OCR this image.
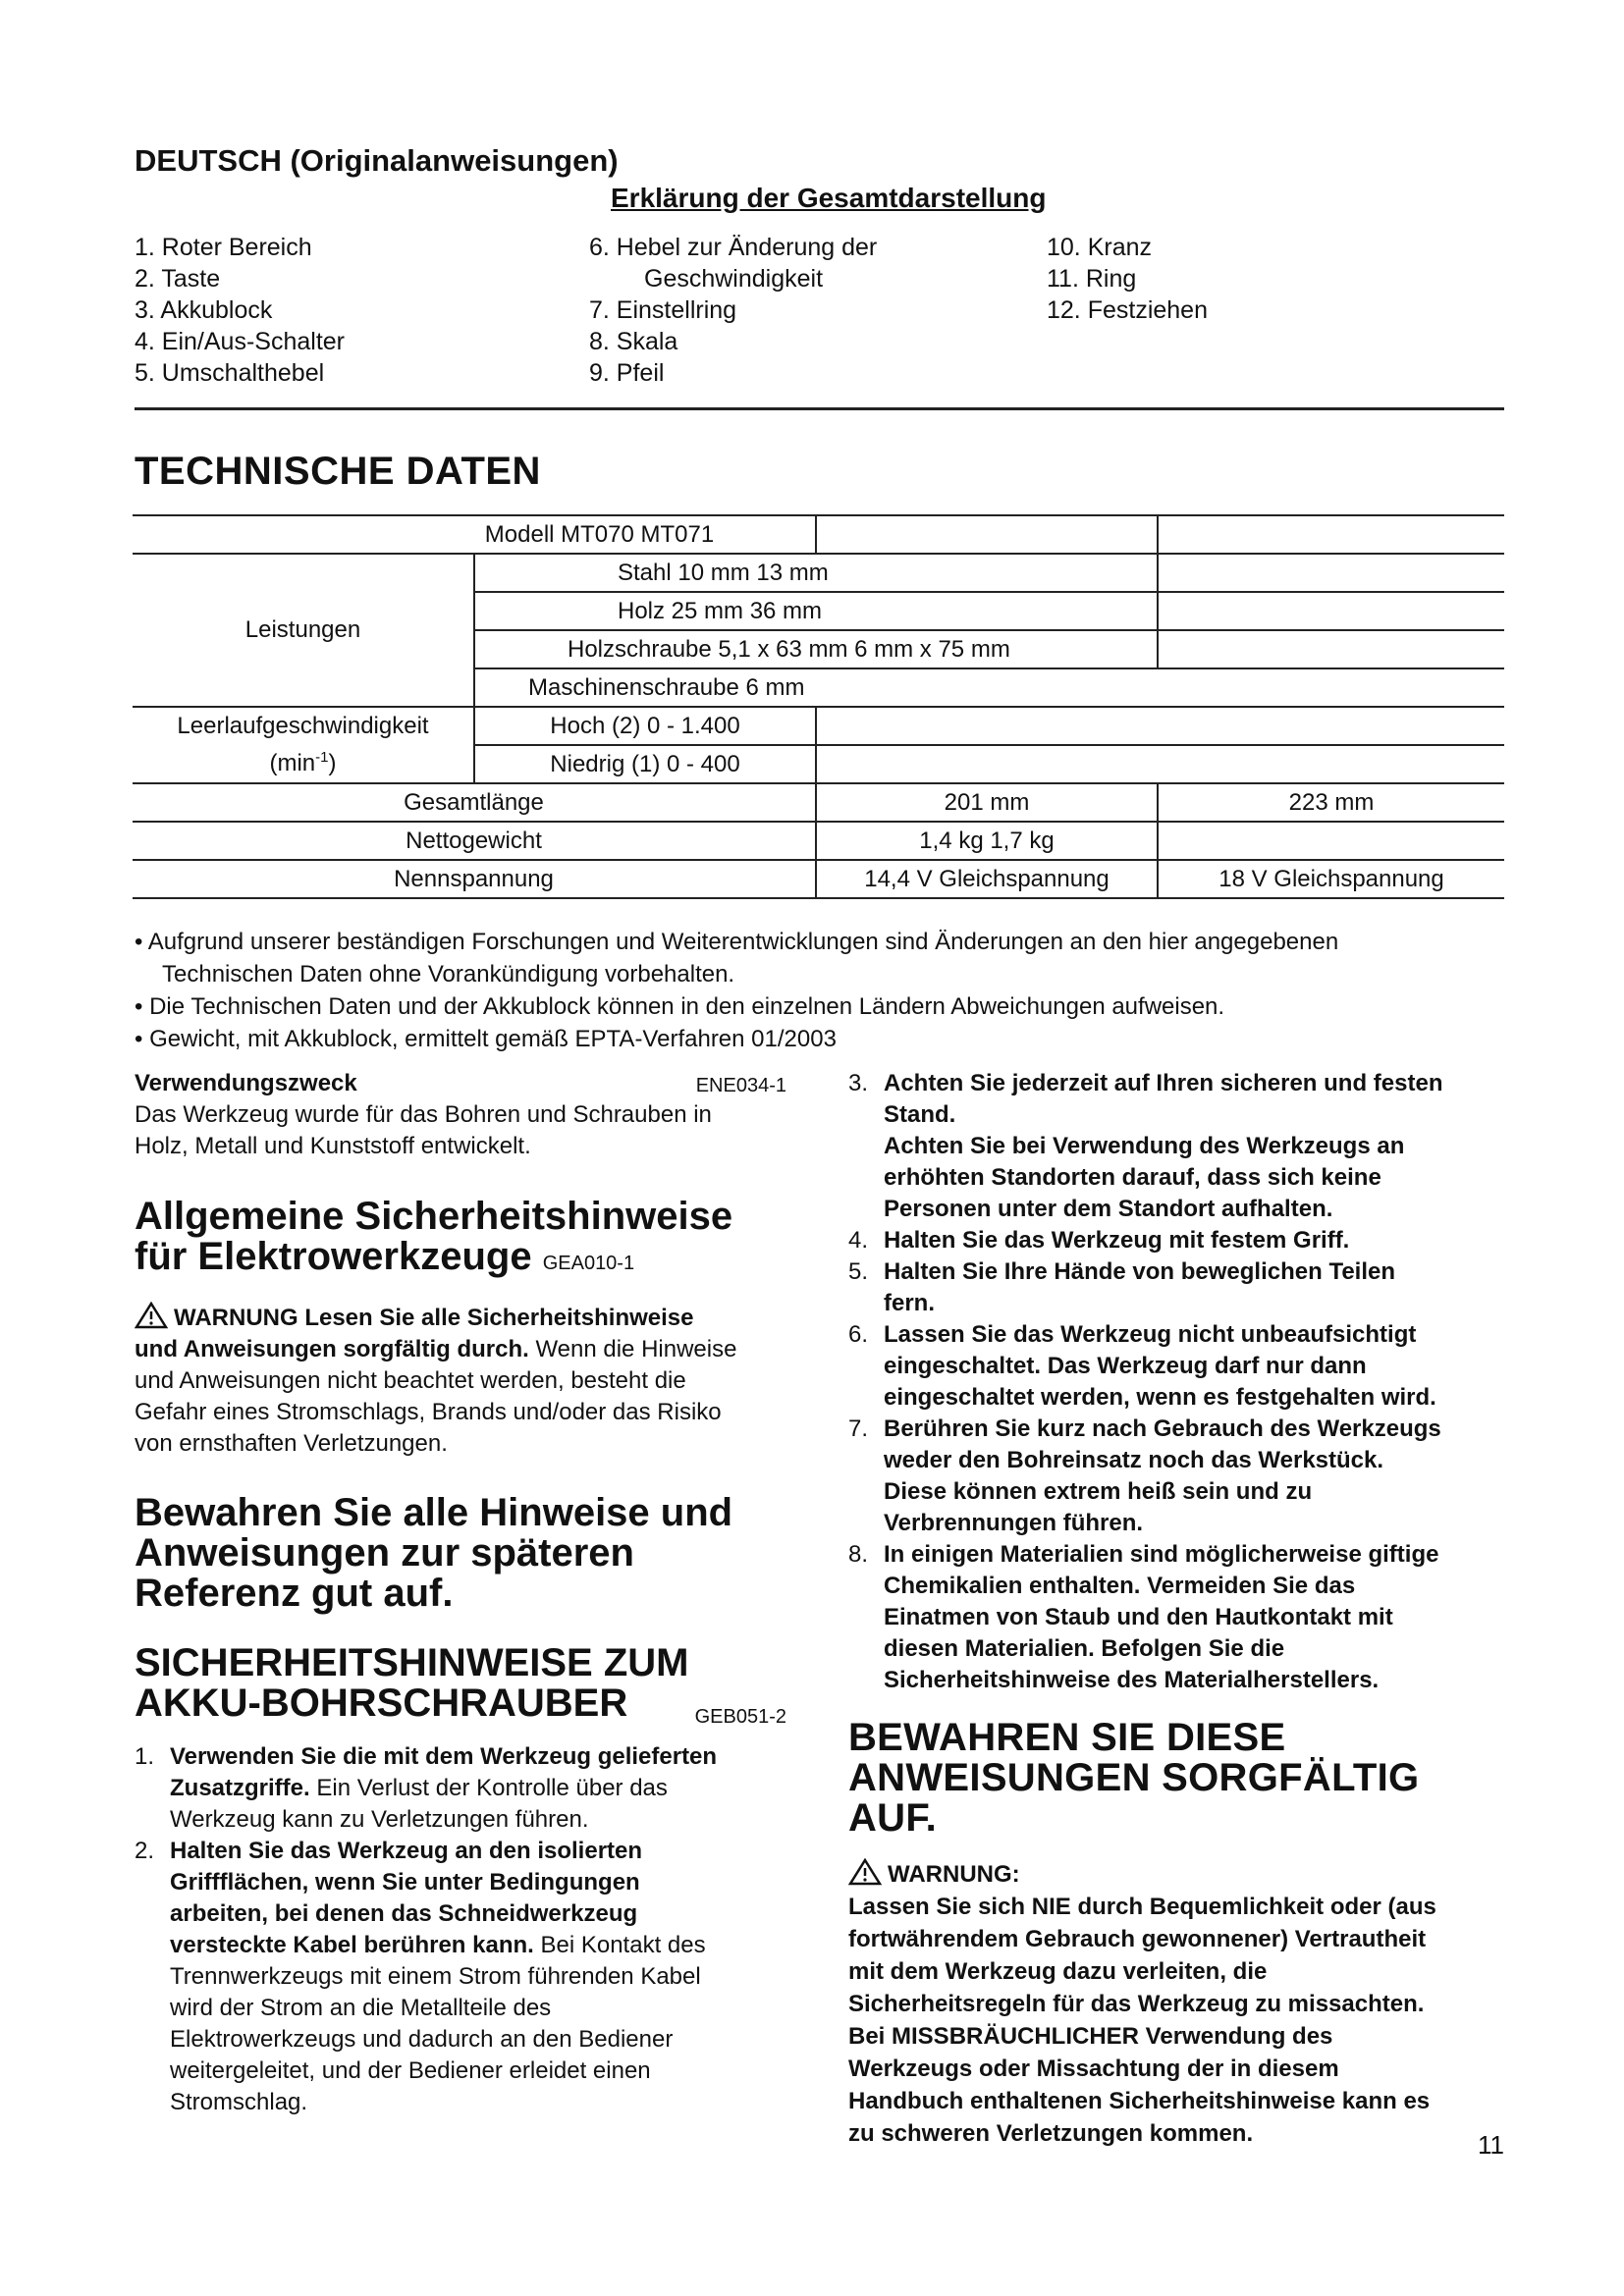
DEUTSCH (Originalanweisungen)
Erklärung der Gesamtdarstellung
1. Roter Bereich
2. Taste
3. Akkublock
4. Ein/Aus-Schalter
5. Umschalthebel
6. Hebel zur Änderung der
Geschwindigkeit
7. Einstellring
8. Skala
9. Pfeil
10. Kranz
11. Ring
12. Festziehen
TECHNISCHE DATEN
Modell MT070 MT071			
Leistungen	Stahl 10 mm 13 mm		
	Holz 25 mm 36 mm		
	Holzschraube 5,1 x 63 mm 6 mm x 75 mm		
	Maschinenschraube 6 mm		

Leerlaufgeschwindigkeit
$(\min^{-1})$	Hoch (2) 0 - 1.400		
	Niedrig (1) 0 - 400		
Gesamtlänge		201 mm	223 mm
Nettogewicht		1,4 kg 1,7 kg	
Nennspannung		14,4 V Gleichspannung	18 V Gleichspannung
• Aufgrund unserer beständigen Forschungen und Weiterentwicklungen sind Änderungen an den hier angegebenen
Technischen Daten ohne Vorankündigung vorbehalten.
• Die Technischen Daten und der Akkublock können in den einzelnen Ländern Abweichungen aufweisen.
• Gewicht, mit Akkublock, ermittelt gemäß EPTA-Verfahren 01/2003
Verwendungszweck	ENE034-1
Das Werkzeug wurde für das Bohren und Schrauben in
Holz, Metall und Kunststoff entwickelt.
Allgemeine Sicherheitshinweise
für Elektrowerkzeuge GEA010-1
WARNUNG Lesen Sie alle Sicherheitshinweise
und Anweisungen sorgfältig durch. Wenn die Hinweise
und Anweisungen nicht beachtet werden, besteht die
Gefahr eines Stromschlags, Brands und/oder das Risiko
von ernsthaften Verletzungen.
Bewahren Sie alle Hinweise und
Anweisungen zur späteren
Referenz gut auf.
SICHERHEITSHINWEISE ZUM
AKKU-BOHRSCHRAUBER	GEB051-2
1. Verwenden Sie die mit dem Werkzeug gelieferten
Zusatzgriffe. Ein Verlust der Kontrolle über das
Werkzeug kann zu Verletzungen führen.
2. Halten Sie das Werkzeug an den isolierten
Griffflächen, wenn Sie unter Bedingungen
arbeiten, bei denen das Schneidwerkzeug
versteckte Kabel berühren kann. Bei Kontakt des
Trennwerkzeugs mit einem Strom führenden Kabel
wird der Strom an die Metallteile des
Elektrowerkzeugs und dadurch an den Bediener
weitergeleitet, und der Bediener erleidet einen
Stromschlag.
3. Achten Sie jederzeit auf Ihren sicheren und festen
Stand.
Achten Sie bei Verwendung des Werkzeugs an
erhöhten Standorten darauf, dass sich keine
Personen unter dem Standort aufhalten.
4. Halten Sie das Werkzeug mit festem Griff.
5. Halten Sie Ihre Hände von beweglichen Teilen
fern.
6. Lassen Sie das Werkzeug nicht unbeaufsichtigt
eingeschaltet. Das Werkzeug darf nur dann
eingeschaltet werden, wenn es festgehalten wird.
7. Berühren Sie kurz nach Gebrauch des Werkzeugs
weder den Bohreinsatz noch das Werkstück.
Diese können extrem heiß sein und zu
Verbrennungen führen.
8. In einigen Materialien sind möglicherweise giftige
Chemikalien enthalten. Vermeiden Sie das
Einatmen von Staub und den Hautkontakt mit
diesen Materialien. Befolgen Sie die
Sicherheitshinweise des Materialherstellers.
BEWAHREN SIE DIESE
ANWEISUNGEN SORGFÄLTIG
AUF.
WARNUNG:
Lassen Sie sich NIE durch Bequemlichkeit oder (aus
fortwährendem Gebrauch gewonnener) Vertrautheit
mit dem Werkzeug dazu verleiten, die
Sicherheitsregeln für das Werkzeug zu missachten.
Bei MISSBRÄUCHLICHER Verwendung des
Werkzeugs oder Missachtung der in diesem
Handbuch enthaltenen Sicherheitshinweise kann es
zu schweren Verletzungen kommen.	11
